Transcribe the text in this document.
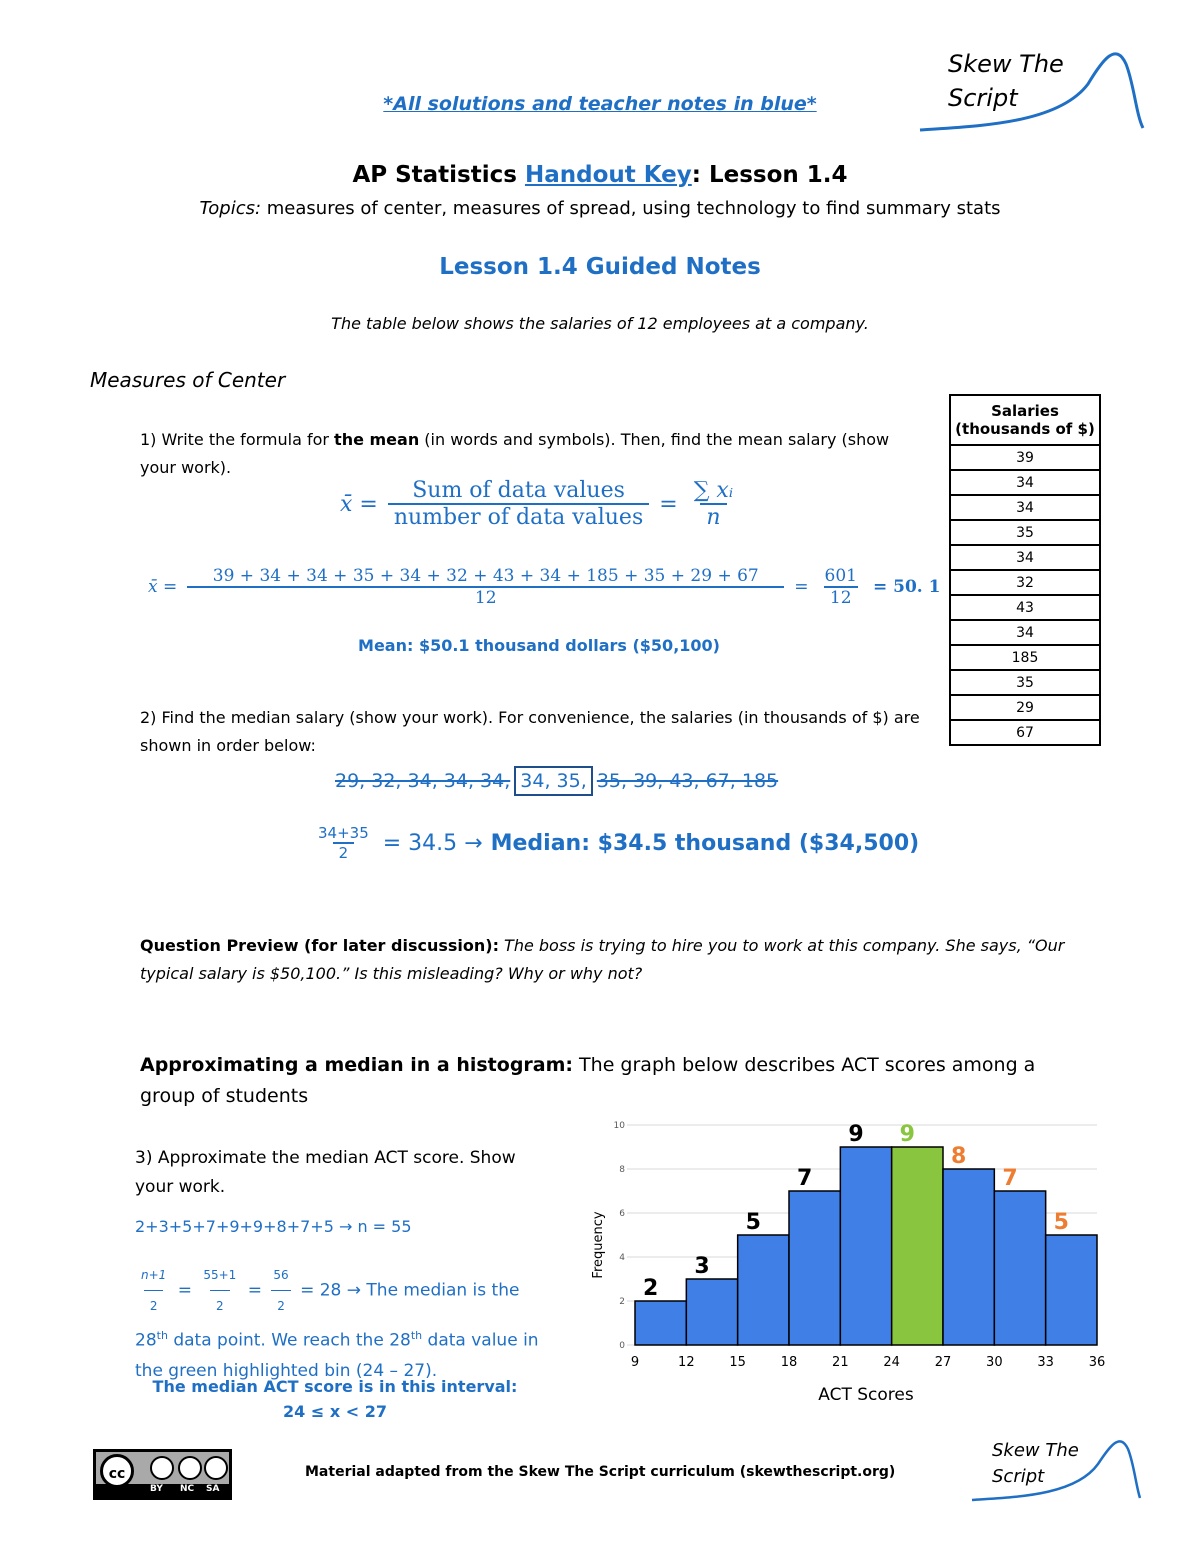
Skew The
Script
*All solutions and teacher notes in blue*
AP Statistics Handout Key: Lesson 1.4
Topics: measures of center, measures of spread, using technology to find summary stats
Lesson 1.4 Guided Notes
The table below shows the salaries of 12 employees at a company.
Measures of Center
1) Write the formula for the mean (in words and symbols). Then, find the mean salary (show your work).
x̄ = $\frac{\text{Sum of data values}}{\text{number of data values}} = \frac{\text{∑ xᵢ}}{n}$
x̄ = $\frac{39 + 34 + 34 + 35 + 34 + 32 + 43 + 34 + 185 + 35 + 29 + 67}{12} = \frac{601}{12} = 50$. 1
Mean: $50.1 thousand dollars ($50,100)
2) Find the median salary (show your work). For convenience, the salaries (in thousands of $) are shown in order below:
29, 32, 34, 34, 34, 34, 35, 35, 39, 43, 67, 185
$\frac{34+35}{2} = 34.5$ → Median: $34.5 thousand ($34,500)
Question Preview (for later discussion): The boss is trying to hire you to work at this company. She says, “Our typical salary is $50,100.” Is this misleading? Why or why not?
Approximating a median in a histogram: The graph below describes ACT scores among a group of students
3) Approximate the median ACT score. Show your work.
2+3+5+7+9+9+8+7+5 → n = 55
$\frac{n+1}{2} = \frac{55+1}{2} = \frac{56}{2} = 28$ → The median is the 28th data point. We reach the 28th data value in the green highlighted bin (24 – 27).
The median ACT score is in this interval:
24 ≤ x < 27
Salaries
(thousands of $)

39
34
34
35
34
32
43
34
185
35
29
67
0
2
4
6
8
10
2
3
5
7
9 9
8
7
5
9	12	15	18	21	24	27	30	33	36
ACT Scores
Frequency
cc
BY NC SA
Material adapted from the Skew The Script curriculum (skewthescript.org)
Skew The
Script
